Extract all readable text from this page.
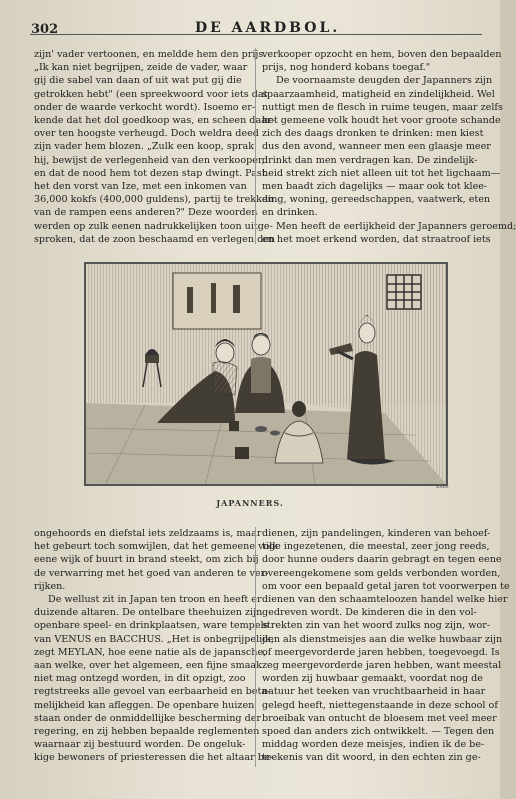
302	DE AARDBOL.
zijn' vader vertoonen, en meldde hem den prijs.
„Ik kan niet begrijpen, zeide de vader, waar
gij die sabel van daan of uit wat put gij die
getrokken hebt" (een spreekwoord voor iets dat
onder de waarde verkocht wordt). Isoemo er-
kende dat het dol goedkoop was, en scheen daar-
over ten hoogste verheugd. Doch weldra deed
zijn vader hem blozen. „Zulk een koop, sprak
hij, bewijst de verlegenheid van den verkooper,
en dat de nood hem tot dezen stap dwingt. Past
het den vorst van Ize, met een inkomen van
36,000 kokfs (400,000 guldens), partij te trekken
van de rampen eens anderen?" Deze woorden
werden op zulk eenen nadrukkelijken toon uitge-
sproken, dat de zoon beschaamd en verlegen den
verkooper opzocht en hem, boven den bepaalden
prijs, nog honderd kobans toegaf."
De voornaamste deugden der Japanners zijn
spaarzaamheid, matigheid en zindelijkheid. Wel
nuttigt men de flesch in ruime teugen, maar zelfs
het gemeene volk houdt het voor groote schande
zich des daags dronken te drinken: men kiest
dus den avond, wanneer men een glaasje meer
drinkt dan men verdragen kan. De zindelijk-
heid strekt zich niet alleen uit tot het ligchaam—
men baadt zich dagelijks — maar ook tot klee-
ding, woning, gereedschappen, vaatwerk, eten
en drinken.
Men heeft de eerlijkheid der Japanners geroemd;
en het moet erkend worden, dat straatroof iets
Kelfs
JAPANNERS.
ongehoords en diefstal iets zeldzaams is, maar
het gebeurt toch somwijlen, dat het gemeene volk
eene wijk of buurt in brand steekt, om zich bij
de verwarring met het goed van anderen te ver-
rijken.
De wellust zit in Japan ten troon en heeft er
duizende altaren. De ontelbare theehuizen zijn
openbare speel- en drinkplaatsen, ware tempels
van VENUS en BACCHUS. „Het is onbegrijpelijk,
zegt MEYLAN, hoe eene natie als de japansche,
aan welke, over het algemeen, een fijne smaak
niet mag ontzegd worden, in dit opzigt, zoo
regtstreeks alle gevoel van eerbaarheid en beta-
melijkheid kan afleggen. De openbare huizen
staan onder de onmiddellijke bescherming der
regering, en zij hebben bepaalde reglementen
waarnaar zij bestuurd worden. De ongeluk-
kige bewoners of priesteressen die het altaar be-
dienen, zijn pandelingen, kinderen van behoef-
tige ingezetenen, die meestal, zeer jong reeds,
door hunne ouders daarin gebragt en tegen eene
overeengekomene som gelds verbonden worden,
om voor een bepaald getal jaren tot voorwerpen te
dienen van den schaamteloozen handel welke hier
gedreven wordt. De kinderen die in den vol-
strekten zin van het woord zulks nog zijn, wor-
den als dienstmeisjes aan die welke huwbaar zijn
of meergevorderde jaren hebben, toegevoegd. Is
zeg meergevorderde jaren hebben, want meestal
worden zij huwbaar gemaakt, voordat nog de
natuur het teeken van vruchtbaarheid in haar
gelegd heeft, niettegenstaande in deze school of
broeibak van ontucht de bloesem met veel meer
spoed dan anders zich ontwikkelt. — Tegen den
middag worden deze meisjes, indien ik de be-
teekenis van dit woord, in den echten zin ge-
